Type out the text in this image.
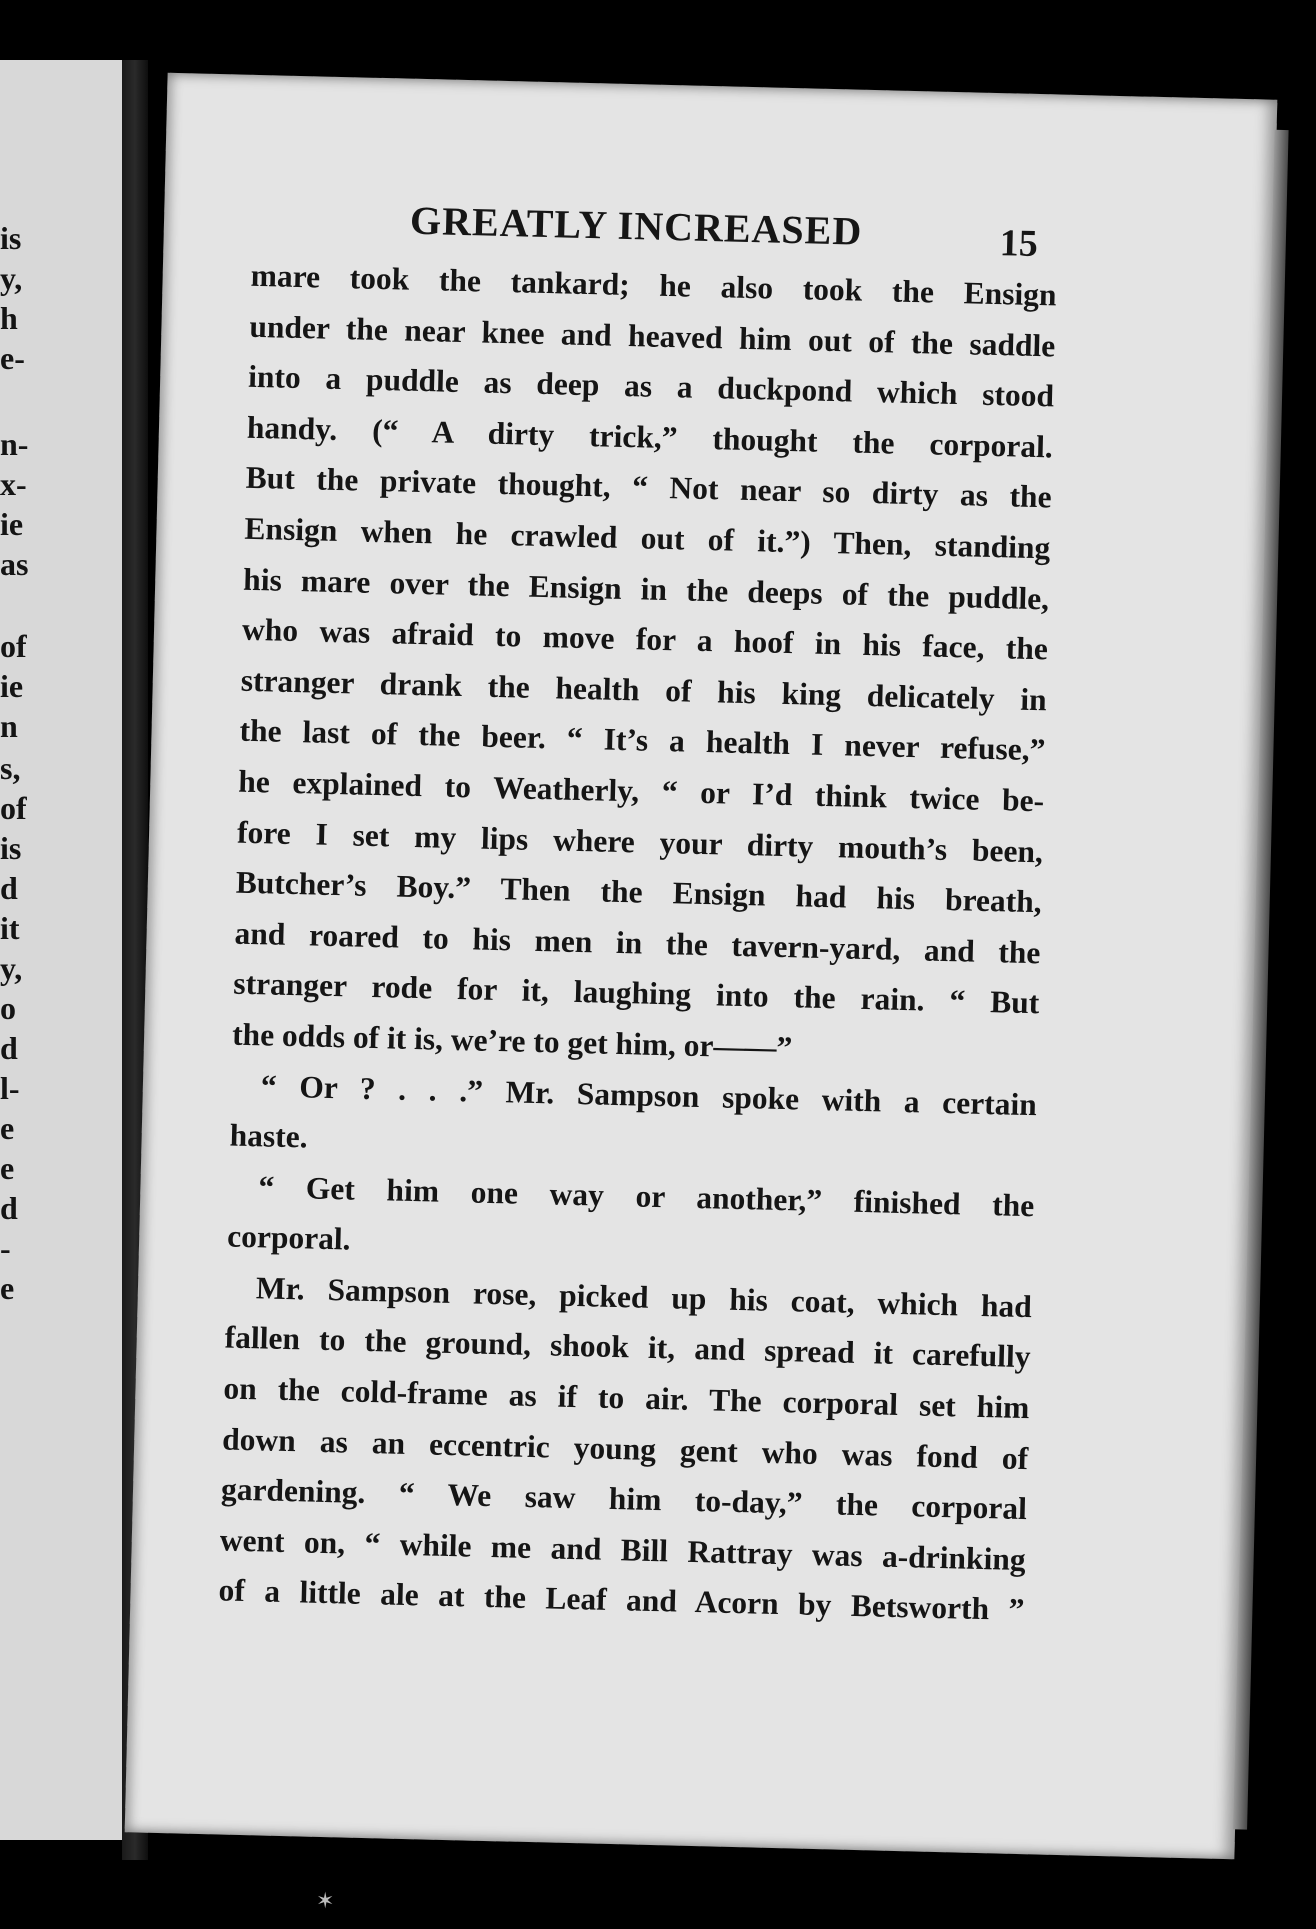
is
y,
h
e-
n-
x-
ie
as
of
ie
n
s,
of
is
d
it
y,
o
d
l-
e
e
d
-
e
GREATLY INCREASED	15
mare took the tankard; he also took the Ensign
under the near knee and heaved him out of the saddle
into a puddle as deep as a duckpond which stood
handy. (“ A dirty trick,” thought the corporal.
But the private thought, “ Not near so dirty as the
Ensign when he crawled out of it.”) Then, standing
his mare over the Ensign in the deeps of the puddle,
who was afraid to move for a hoof in his face, the
stranger drank the health of his king delicately in
the last of the beer. “ It’s a health I never refuse,”
he explained to Weatherly, “ or I’d think twice be-
fore I set my lips where your dirty mouth’s been,
Butcher’s Boy.” Then the Ensign had his breath,
and roared to his men in the tavern-yard, and the
stranger rode for it, laughing into the rain. “ But
the odds of it is, we’re to get him, or——”
“ Or ? . . .” Mr. Sampson spoke with a certain
haste.
“ Get him one way or another,” finished the
corporal.
Mr. Sampson rose, picked up his coat, which had
fallen to the ground, shook it, and spread it carefully
on the cold-frame as if to air. The corporal set him
down as an eccentric young gent who was fond of
gardening. “ We saw him to-day,” the corporal
went on, “ while me and Bill Rattray was a-drinking
of a little ale at the Leaf and Acorn by Betsworth ”
✶
